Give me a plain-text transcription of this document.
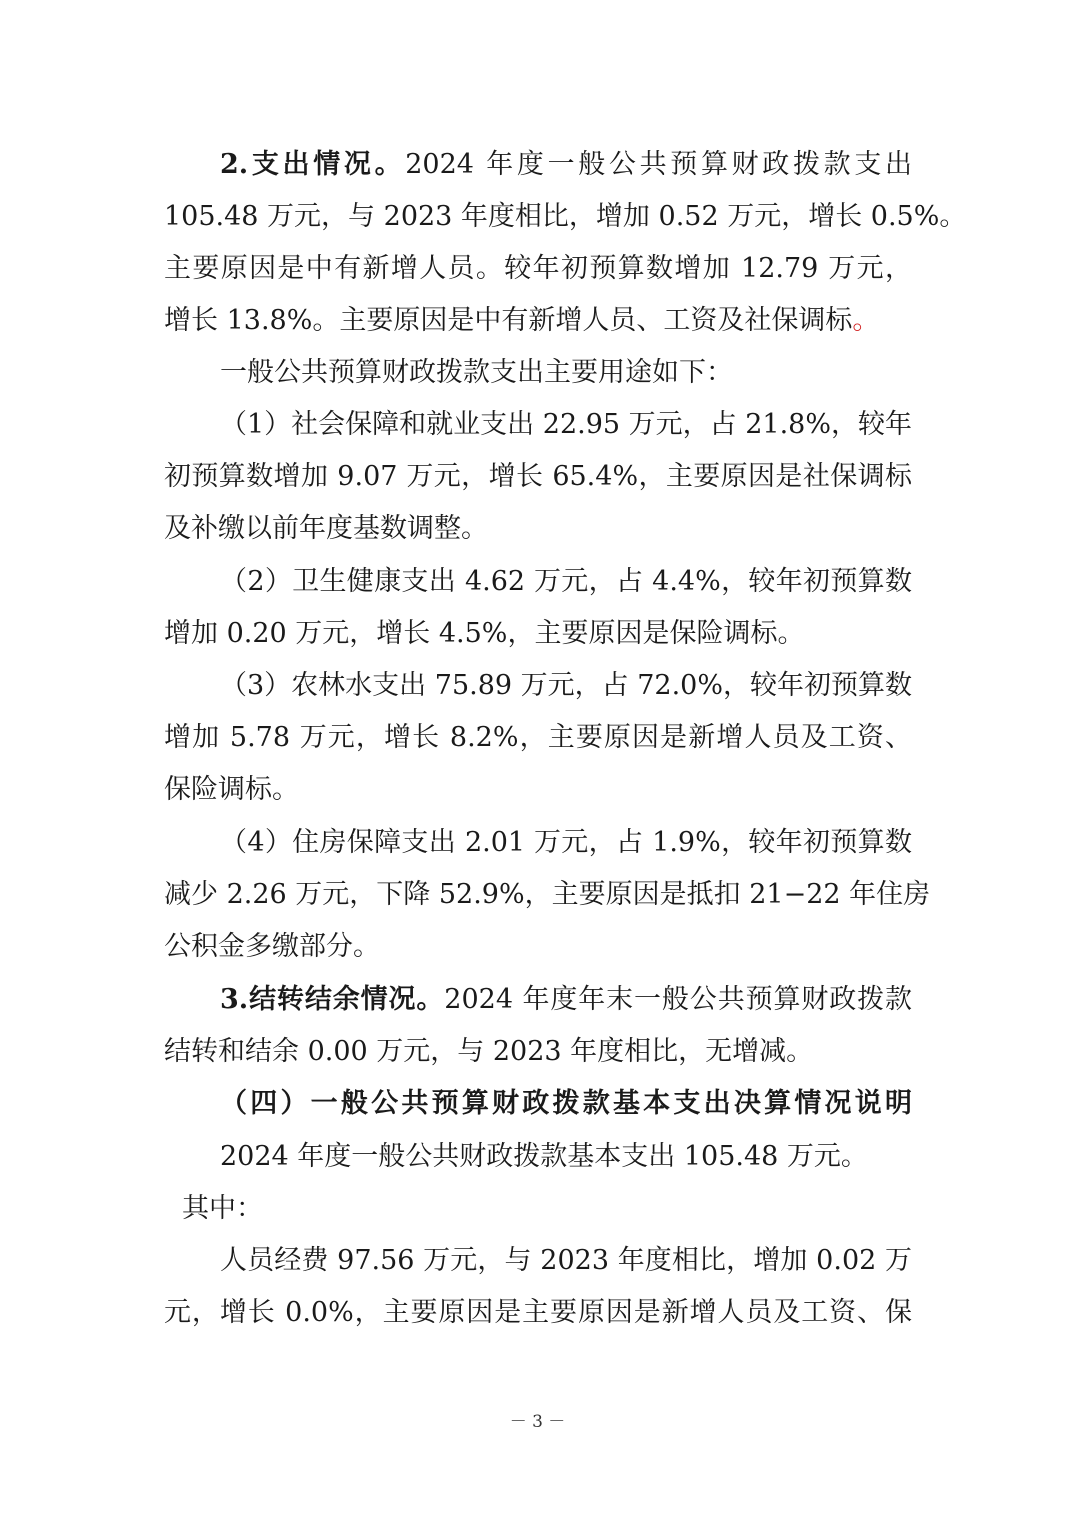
2.支出情况。2024 年度一般公共预算财政拨款支出
105.48 万元，与 2023 年度相比，增加 0.52 万元，增长 0.5%。
主要原因是中有新增人员。较年初预算数增加 12.79 万元，
增长 13.8%。主要原因是中有新增人员、工资及社保调标。
一般公共预算财政拨款支出主要用途如下：
（1）社会保障和就业支出 22.95 万元，占 21.8%，较年
初预算数增加 9.07 万元，增长 65.4%，主要原因是社保调标
及补缴以前年度基数调整。
（2）卫生健康支出 4.62 万元，占 4.4%，较年初预算数
增加 0.20 万元，增长 4.5%，主要原因是保险调标。
（3）农林水支出 75.89 万元，占 72.0%，较年初预算数
增加 5.78 万元，增长 8.2%，主要原因是新增人员及工资、
保险调标。
（4）住房保障支出 2.01 万元，占 1.9%，较年初预算数
减少 2.26 万元，下降 52.9%，主要原因是抵扣 21−22 年住房
公积金多缴部分。
3.结转结余情况。2024 年度年末一般公共预算财政拨款
结转和结余 0.00 万元，与 2023 年度相比，无增减。
（四）一般公共预算财政拨款基本支出决算情况说明
2024 年度一般公共财政拨款基本支出 105.48 万元。
其中：
人员经费 97.56 万元，与 2023 年度相比，增加 0.02 万
元，增长 0.0%，主要原因是主要原因是新增人员及工资、保
－ 3 －
